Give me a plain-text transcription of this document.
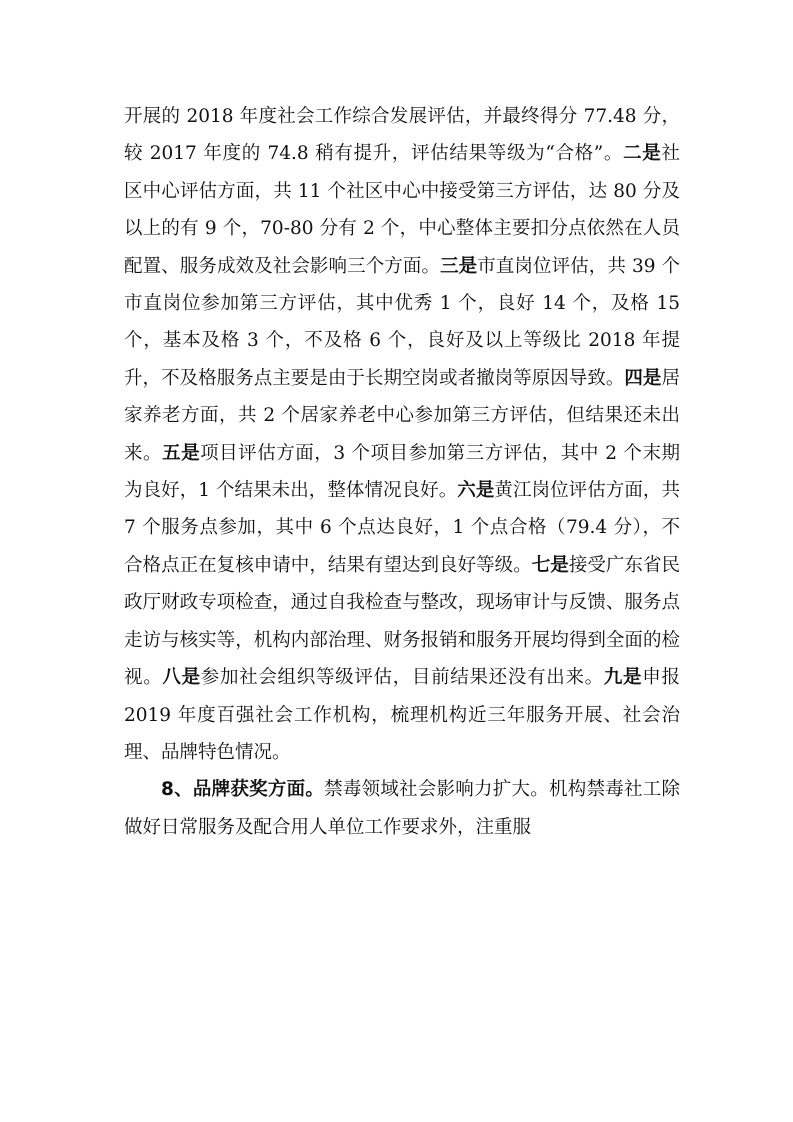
开展的 2018 年度社会工作综合发展评估，并最终得分 77.48 分，较 2017 年度的 74.8 稍有提升，评估结果等级为“合格”。二是社区中心评估方面，共 11 个社区中心中接受第三方评估，达 80 分及以上的有 9 个，70-80 分有 2 个，中心整体主要扣分点依然在人员配置、服务成效及社会影响三个方面。三是市直岗位评估，共 39 个市直岗位参加第三方评估，其中优秀 1 个，良好 14 个，及格 15 个，基本及格 3 个，不及格 6 个，良好及以上等级比 2018 年提升，不及格服务点主要是由于长期空岗或者撤岗等原因导致。四是居家养老方面，共 2 个居家养老中心参加第三方评估，但结果还未出来。五是项目评估方面，3 个项目参加第三方评估，其中 2 个末期为良好，1 个结果未出，整体情况良好。六是黄江岗位评估方面，共 7 个服务点参加，其中 6 个点达良好，1 个点合格（79.4 分），不合格点正在复核申请中，结果有望达到良好等级。七是接受广东省民政厅财政专项检查，通过自我检查与整改，现场审计与反馈、服务点走访与核实等，机构内部治理、财务报销和服务开展均得到全面的检视。八是参加社会组织等级评估，目前结果还没有出来。九是申报 2019 年度百强社会工作机构，梳理机构近三年服务开展、社会治理、品牌特色情况。

8、品牌获奖方面。禁毒领域社会影响力扩大。机构禁毒社工除做好日常服务及配合用人单位工作要求外，注重服
